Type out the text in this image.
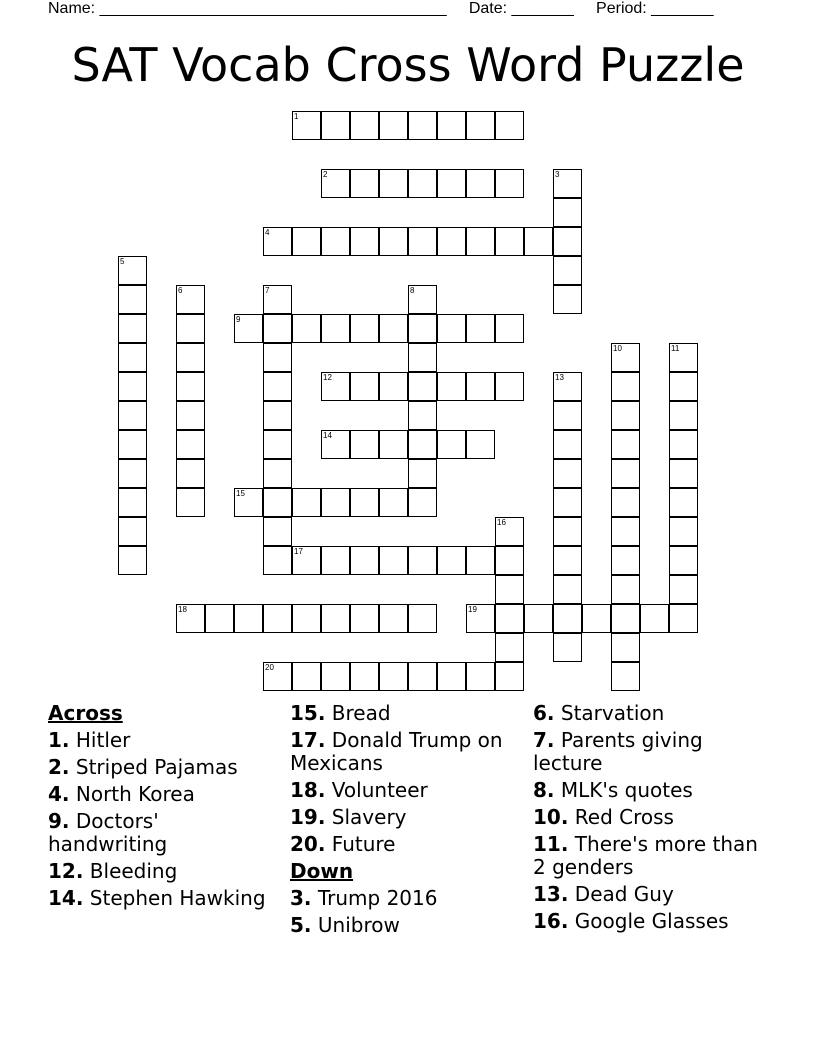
Name: _______________________________________     Date: _______     Period: _______
SAT Vocab Cross Word Puzzle
1
2	3
4
5
6	7	8
9
10	11
12	13
14
15
16
17
18	19
20
Across
1. Hitler
2. Striped Pajamas
4. North Korea
9. Doctors' handwriting
12. Bleeding
14. Stephen Hawking
15. Bread
17. Donald Trump on Mexicans
18. Volunteer
19. Slavery
20. Future
Down
3. Trump 2016
5. Unibrow
6. Starvation
7. Parents giving lecture
8. MLK's quotes
10. Red Cross
11. There's more than 2 genders
13. Dead Guy
16. Google Glasses
